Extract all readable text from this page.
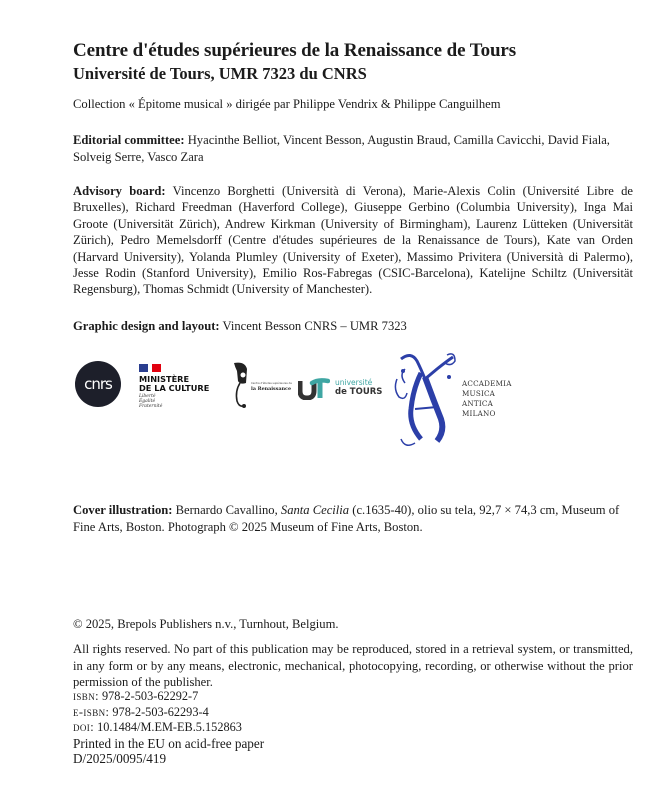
Centre d'études supérieures de la Renaissance de Tours
Université de Tours, UMR 7323 du CNRS
Collection « Épitome musical » dirigée par Philippe Vendrix & Philippe Canguilhem
Editorial committee: Hyacinthe Belliot, Vincent Besson, Augustin Braud, Camilla Cavicchi, David Fiala, Solveig Serre, Vasco Zara
Advisory board: Vincenzo Borghetti (Università di Verona), Marie-Alexis Colin (Université Libre de Bruxelles), Richard Freedman (Haverford College), Giuseppe Gerbino (Columbia University), Inga Mai Groote (Universität Zürich), Andrew Kirkman (University of Birmingham), Laurenz Lütteken (Universität Zürich), Pedro Memelsdorff (Centre d'études supérieures de la Renaissance de Tours), Kate van Orden (Harvard University), Yolanda Plumley (University of Exeter), Massimo Privitera (Università di Palermo), Jesse Rodin (Stanford University), Emilio Ros-Fabregas (CSIC-Barcelona), Katelijne Schiltz (Universität Regensburg), Thomas Schmidt (University of Manchester).
Graphic design and layout: Vincent Besson CNRS – UMR 7323
cnrs	MINISTÈRE
DE LA CULTURE
Liberté
Égalité
Fraternité
Centre d'études supérieures de
la Renaissance
université
de TOURS
ACCADEMIA
MUSICA
ANTICA
MILANO
Cover illustration: Bernardo Cavallino, Santa Cecilia (c.1635-40), olio su tela, 92,7 × 74,3 cm, Museum of Fine Arts, Boston. Photograph © 2025 Museum of Fine Arts, Boston.
© 2025, Brepols Publishers n.v., Turnhout, Belgium.
All rights reserved. No part of this publication may be reproduced, stored in a retrieval system, or transmitted, in any form or by any means, electronic, mechanical, photocopying, recording, or otherwise without the prior permission of the publisher.
isbn: 978-2-503-62292-7
e-isbn: 978-2-503-62293-4
doi: 10.1484/M.EM-EB.5.152863
Printed in the EU on acid-free paper
D/2025/0095/419
